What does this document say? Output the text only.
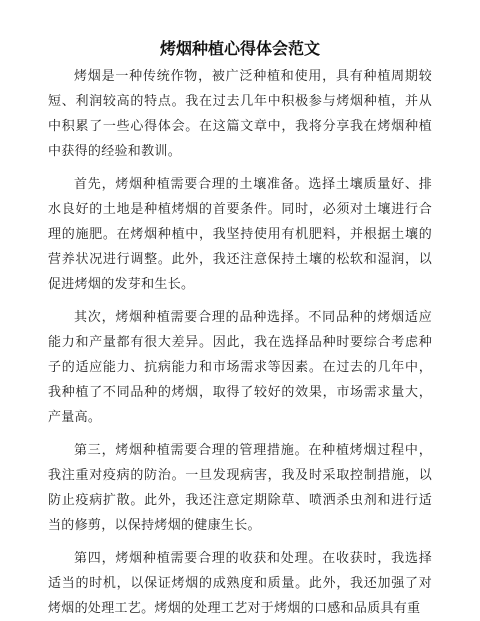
烤烟种植心得体会范文

烤烟是一种传统作物，被广泛种植和使用，具有种植周期较短、利润较高的特点。我在过去几年中积极参与烤烟种植，并从中积累了一些心得体会。在这篇文章中，我将分享我在烤烟种植中获得的经验和教训。

首先，烤烟种植需要合理的土壤准备。选择土壤质量好、排水良好的土地是种植烤烟的首要条件。同时，必须对土壤进行合理的施肥。在烤烟种植中，我坚持使用有机肥料，并根据土壤的营养状况进行调整。此外，我还注意保持土壤的松软和湿润，以促进烤烟的发芽和生长。

其次，烤烟种植需要合理的品种选择。不同品种的烤烟适应能力和产量都有很大差异。因此，我在选择品种时要综合考虑种子的适应能力、抗病能力和市场需求等因素。在过去的几年中，我种植了不同品种的烤烟，取得了较好的效果，市场需求量大，产量高。

第三，烤烟种植需要合理的管理措施。在种植烤烟过程中，我注重对疫病的防治。一旦发现病害，我及时采取控制措施，以防止疫病扩散。此外，我还注意定期除草、喷洒杀虫剂和进行适当的修剪，以保持烤烟的健康生长。

第四，烤烟种植需要合理的收获和处理。在收获时，我选择适当的时机，以保证烤烟的成熟度和质量。此外，我还加强了对烤烟的处理工艺。烤烟的处理工艺对于烤烟的口感和品质具有重
